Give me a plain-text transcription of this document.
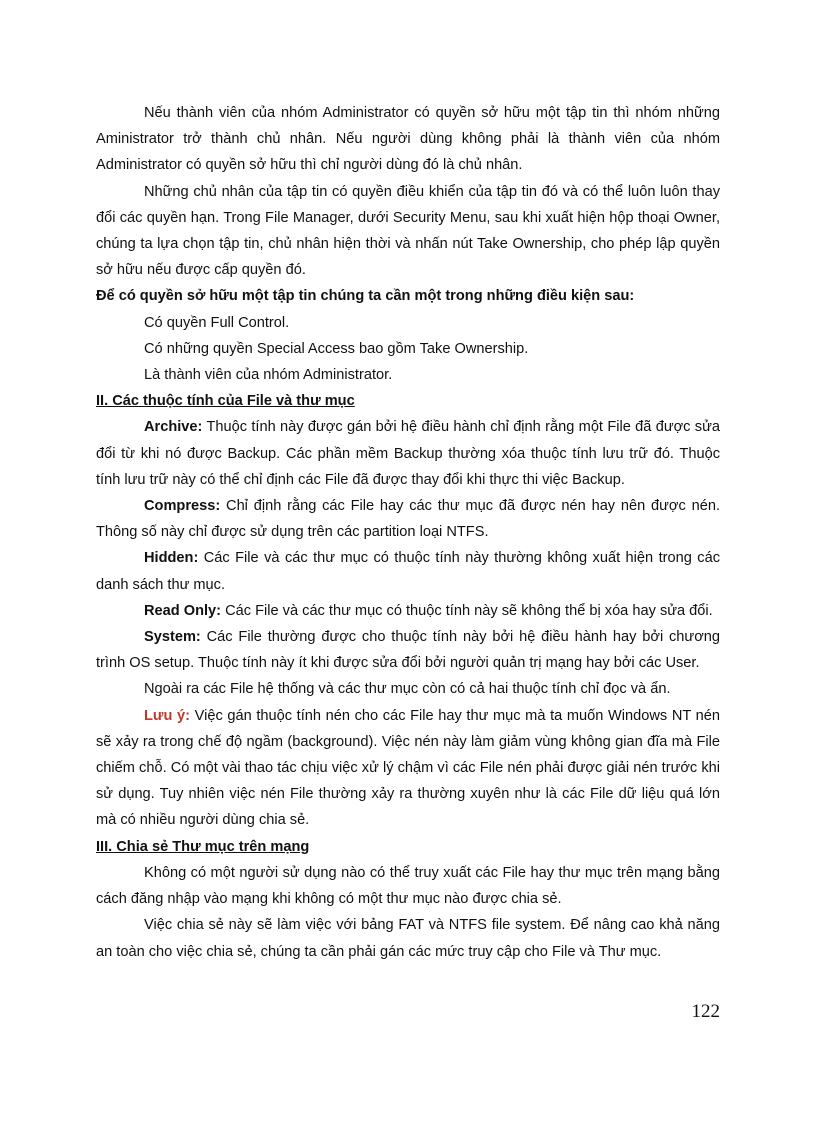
Nếu thành viên của nhóm Administrator có quyền sở hữu một tập tin thì nhóm những Aministrator trở thành chủ nhân. Nếu người dùng không phải là thành viên của nhóm Administrator có quyền sở hữu thì chỉ người dùng đó là chủ nhân.

Những chủ nhân của tập tin có quyền điều khiển của tập tin đó và có thể luôn luôn thay đổi các quyền hạn. Trong File Manager, dưới Security Menu, sau khi xuất hiện hộp thoại Owner, chúng ta lựa chọn tập tin, chủ nhân hiện thời và nhấn nút Take Ownership, cho phép lập quyền sở hữu nếu được cấp quyền đó.

Để có quyền sở hữu một tập tin chúng ta cần một trong những điều kiện sau:

Có quyền Full Control.

Có những quyền Special Access bao gồm Take Ownership.

Là thành viên của nhóm Administrator.

II. Các thuộc tính của File và thư mục

Archive: Thuộc tính này được gán bởi hệ điều hành chỉ định rằng một File đã được sửa đổi từ khi nó được Backup. Các phần mềm Backup thường xóa thuộc tính lưu trữ đó. Thuộc tính lưu trữ này có thể chỉ định các File đã được thay đổi khi thực thi việc Backup.

Compress: Chỉ định rằng các File hay các thư mục đã được nén hay nên được nén. Thông số này chỉ được sử dụng trên các partition loại NTFS.

Hidden: Các File và các thư mục có thuộc tính này thường không xuất hiện trong các danh sách thư mục.

Read Only: Các File và các thư mục có thuộc tính này sẽ không thể bị xóa hay sửa đổi.

System: Các File thường được cho thuộc tính này bởi hệ điều hành hay bởi chương trình OS setup. Thuộc tính này ít khi được sửa đổi bởi người quản trị mạng hay bởi các User.

Ngoài ra các File hệ thống và các thư mục còn có cả hai thuộc tính chỉ đọc và ẩn.

Lưu ý: Việc gán thuộc tính nén cho các File hay thư mục mà ta muốn Windows NT nén sẽ xảy ra trong chế độ ngầm (background). Việc nén này làm giảm vùng không gian đĩa mà File chiếm chỗ. Có một vài thao tác chịu việc xử lý chậm vì các File nén phải được giải nén trước khi sử dụng. Tuy nhiên việc nén File thường xảy ra thường xuyên như là các File dữ liệu quá lớn mà có nhiều người dùng chia sẻ.

III. Chia sẻ Thư mục trên mạng

Không có một người sử dụng nào có thể truy xuất các File hay thư mục trên mạng bằng cách đăng nhập vào mạng khi không có một thư mục nào được chia sẻ.

Việc chia sẻ này sẽ làm việc với bảng FAT và NTFS file system. Để nâng cao khả năng an toàn cho việc chia sẻ, chúng ta cần phải gán các mức truy cập cho File và Thư mục.

122
